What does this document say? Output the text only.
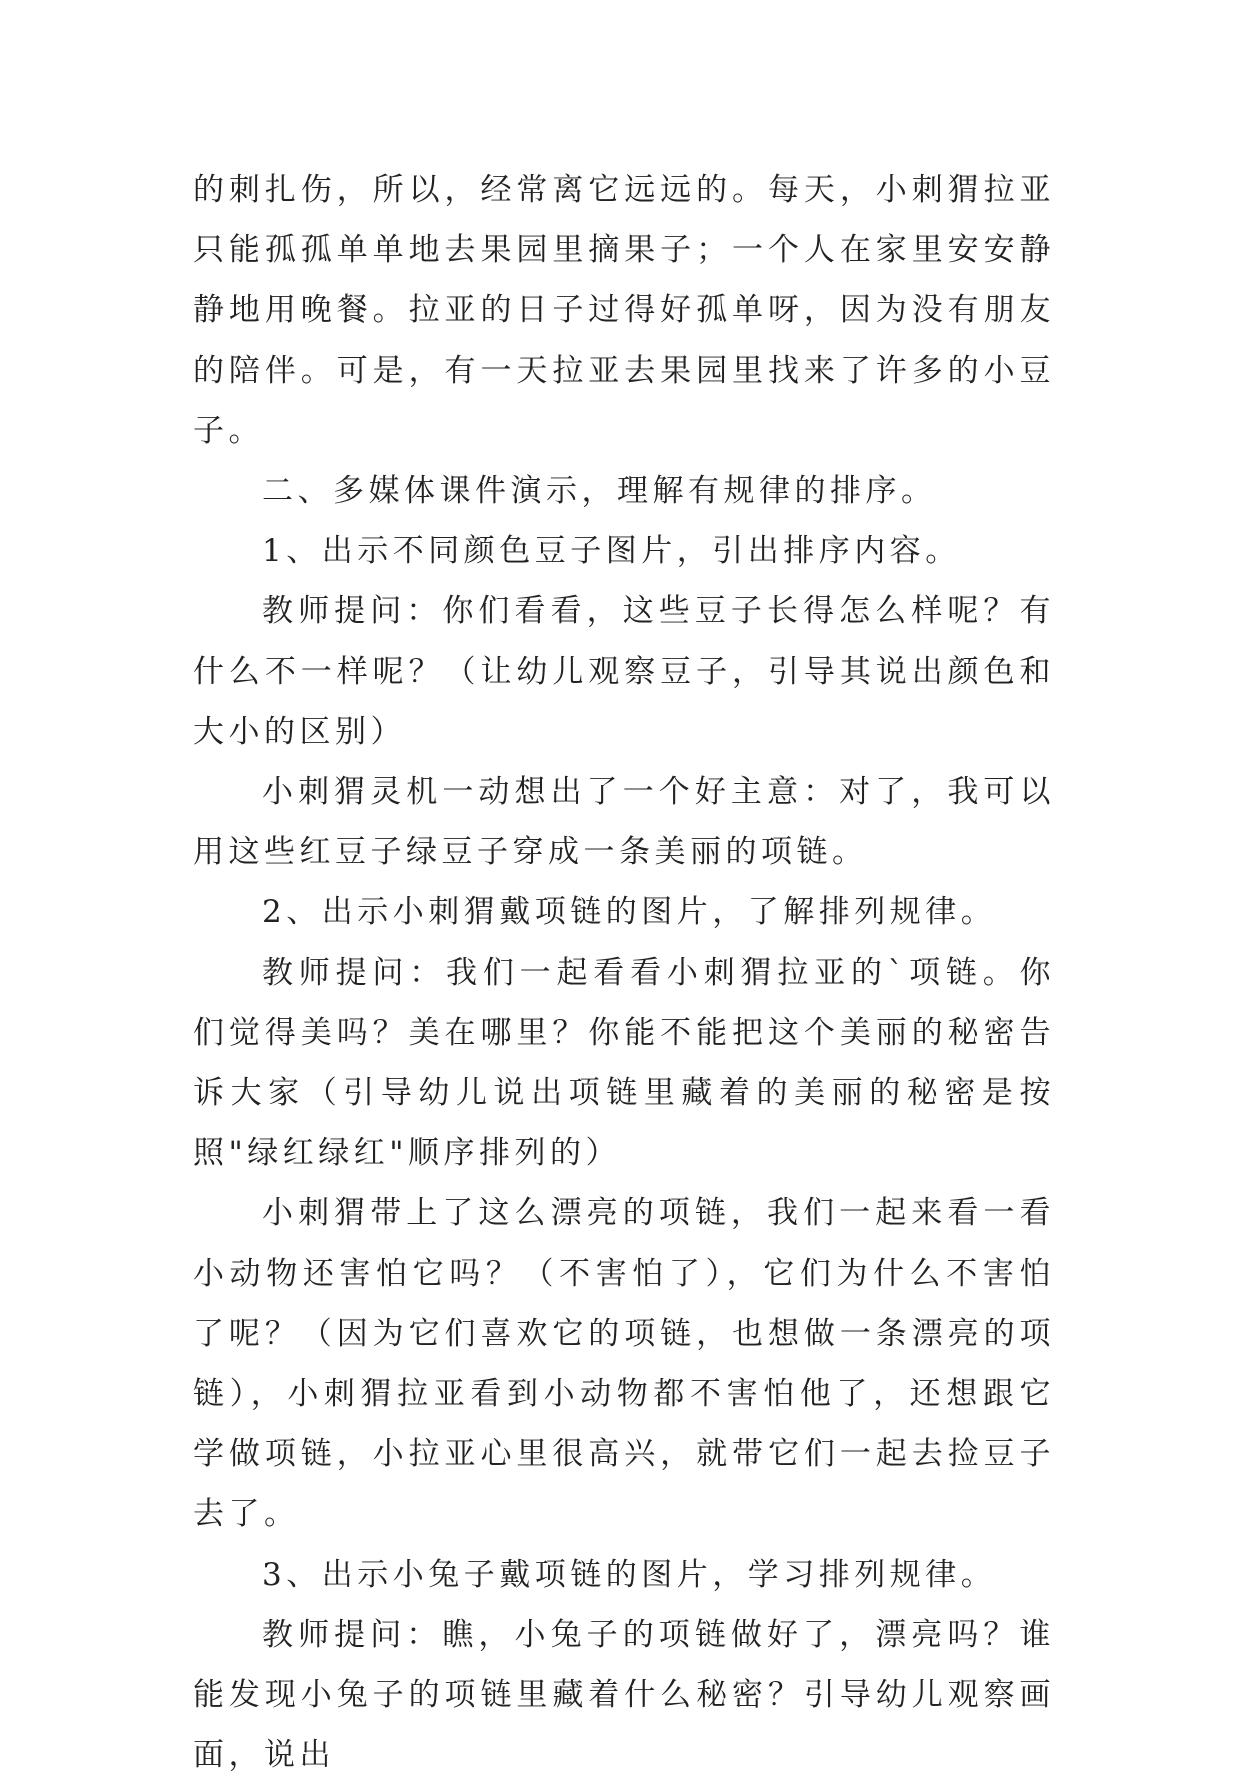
的刺扎伤，所以，经常离它远远的。每天，小刺猬拉亚只能孤孤单单地去果园里摘果子；一个人在家里安安静静地用晚餐。拉亚的日子过得好孤单呀，因为没有朋友的陪伴。可是，有一天拉亚去果园里找来了许多的小豆子。

二、多媒体课件演示，理解有规律的排序。

1、出示不同颜色豆子图片，引出排序内容。

教师提问：你们看看，这些豆子长得怎么样呢？有什么不一样呢？（让幼儿观察豆子，引导其说出颜色和大小的区别）

小刺猬灵机一动想出了一个好主意：对了，我可以用这些红豆子绿豆子穿成一条美丽的项链。

2、出示小刺猬戴项链的图片，了解排列规律。

教师提问：我们一起看看小刺猬拉亚的`项链。你们觉得美吗？美在哪里？你能不能把这个美丽的秘密告诉大家（引导幼儿说出项链里藏着的美丽的秘密是按照"绿红绿红"顺序排列的）

小刺猬带上了这么漂亮的项链，我们一起来看一看小动物还害怕它吗？（不害怕了），它们为什么不害怕了呢？（因为它们喜欢它的项链，也想做一条漂亮的项链），小刺猬拉亚看到小动物都不害怕他了，还想跟它学做项链，小拉亚心里很高兴，就带它们一起去捡豆子去了。

3、出示小兔子戴项链的图片，学习排列规律。

教师提问：瞧，小兔子的项链做好了，漂亮吗？谁能发现小兔子的项链里藏着什么秘密？引导幼儿观察画面，说出
